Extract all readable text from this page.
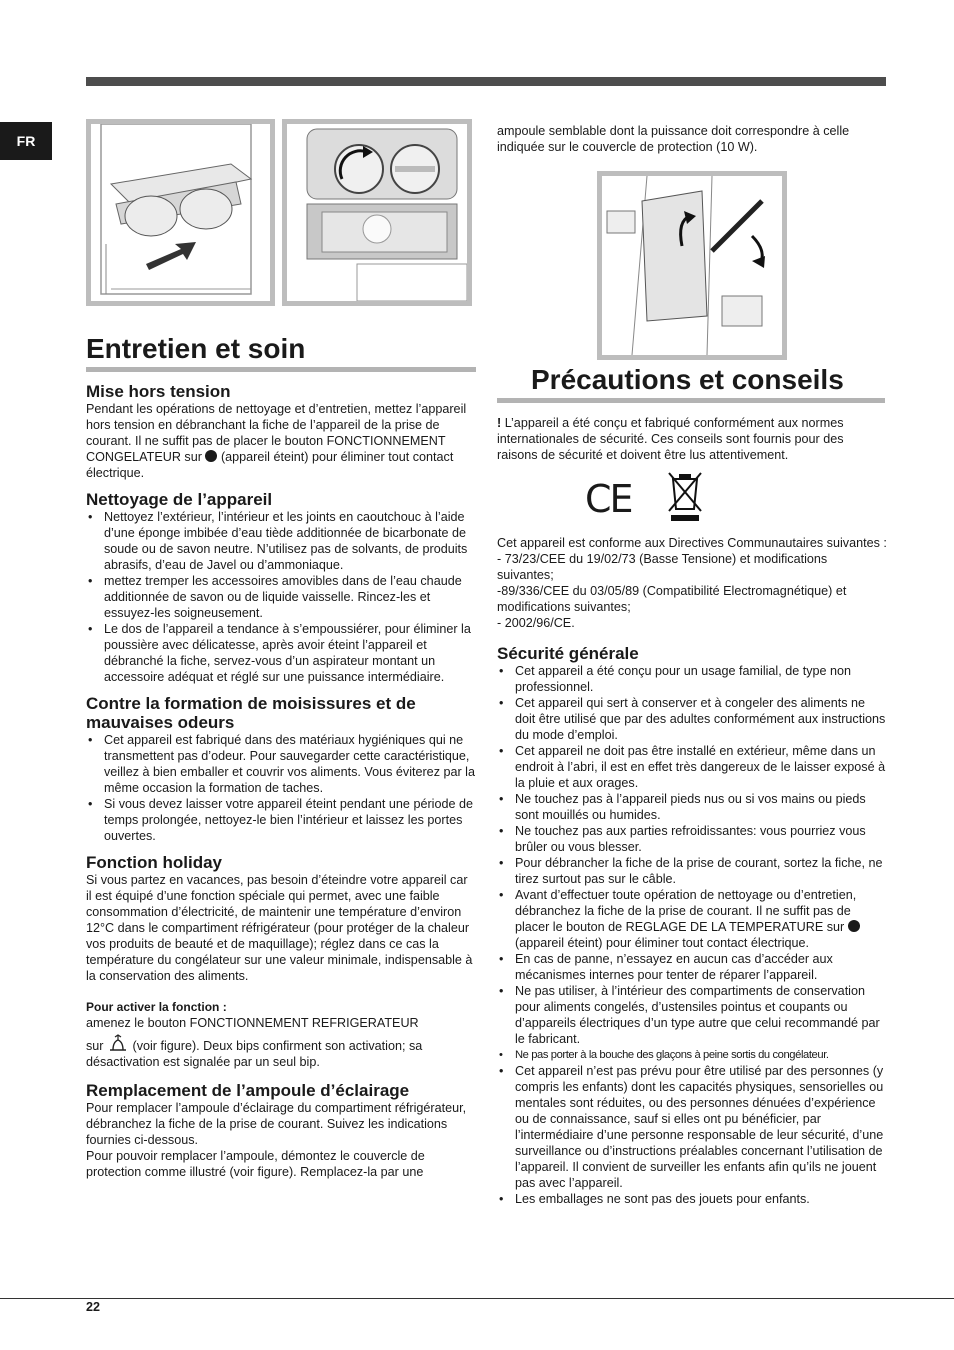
FR
Entretien et soin
Mise hors tension

Pendant les opérations de nettoyage et d’entretien, mettez l’appareil hors tension en débranchant la fiche de l’appareil de la prise de courant. Il ne suffit pas de placer le bouton FONCTIONNEMENT CONGELATEUR sur (appareil éteint) pour éliminer tout contact électrique.

Nettoyage de l’appareil
• Nettoyez l’extérieur, l’intérieur et les joints en caoutchouc à l’aide d’une éponge imbibée d’eau tiède additionnée de bicarbonate de soude ou de savon neutre. N’utilisez pas de solvants, de produits abrasifs, d’eau de Javel ou d’ammoniaque.
• mettez tremper les accessoires amovibles dans de l’eau chaude additionnée de savon ou de liquide vaisselle. Rincez-les et essuyez-les soigneusement.
• Le dos de l’appareil a tendance à s’empoussiérer, pour éliminer la poussière avec délicatesse, après avoir éteint l’appareil et débranché la fiche, servez-vous d’un aspirateur montant un accessoire adéquat et réglé sur une puissance intermédiaire.
Contre la formation de moisissures et de mauvaises odeurs
• Cet appareil est fabriqué dans des matériaux hygiéniques qui ne transmettent pas d’odeur. Pour sauvegarder cette caractéristique, veillez à bien emballer et couvrir vos aliments. Vous éviterez par la même occasion la formation de taches.
• Si vous devez laisser votre appareil éteint pendant une période de temps prolongée, nettoyez-le bien l’intérieur et laissez les portes ouvertes.
Fonction holiday

Si vous partez en vacances, pas besoin d’éteindre votre appareil car il est équipé d’une fonction spéciale qui permet, avec une faible consommation d’électricité, de maintenir une température d’environ 12°C dans le compartiment réfrigérateur (pour protéger de la chaleur vos produits de beauté et de maquillage); réglez dans ce cas la température du congélateur sur une valeur minimale, indispensable à la conservation des aliments.

Pour activer la fonction :

amenez le bouton FONCTIONNEMENT REFRIGERATEUR

sur (voir figure). Deux bips confirment son activation; sa désactivation est signalée par un seul bip.

Remplacement de l’ampoule d’éclairage

Pour remplacer l’ampoule d’éclairage du compartiment réfrigérateur, débranchez la fiche de la prise de courant. Suivez les indications fournies ci-dessous.

Pour pouvoir remplacer l’ampoule, démontez le couvercle de protection comme illustré (voir figure). Remplacez-la par une

ampoule semblable dont la puissance doit correspondre à celle indiquée sur le couvercle de protection (10 W).

Précautions et conseils

! L’appareil a été conçu et fabriqué conformément aux normes internationales de sécurité. Ces conseils sont fournis pour des raisons de sécurité et doivent être lus attentivement.

CE

Cet appareil est conforme aux Directives Communautaires suivantes :

- 73/23/CEE du 19/02/73 (Basse Tensione) et modifications suivantes;

-89/336/CEE du 03/05/89 (Compatibilité Electromagnétique) et modifications suivantes;

- 2002/96/CE.

Sécurité générale
• Cet appareil a été conçu pour un usage familial, de type non professionnel.
• Cet appareil qui sert à conserver et à congeler des aliments ne doit être utilisé que par des adultes conformément aux instructions du mode d’emploi.
• Cet appareil ne doit pas être installé en extérieur, même dans un endroit à l’abri, il est en effet très dangereux de le laisser exposé à la pluie et aux orages.
• Ne touchez pas à l’appareil pieds nus ou si vos mains ou pieds sont mouillés ou humides.
• Ne touchez pas aux parties refroidissantes: vous pourriez vous brûler ou vous blesser.
• Pour débrancher la fiche de la prise de courant, sortez la fiche, ne tirez surtout pas sur le câble.
• Avant d’effectuer toute opération de nettoyage ou d’entretien, débranchez la fiche de la prise de courant. Il ne suffit pas de placer le bouton de REGLAGE DE LA TEMPERATURE sur  (appareil éteint) pour éliminer tout contact électrique.
• En cas de panne, n’essayez en aucun cas d’accéder aux mécanismes internes pour tenter de réparer l’appareil.
• Ne pas utiliser, à l’intérieur des compartiments de conservation pour aliments congelés, d’ustensiles pointus et coupants ou d’appareils électriques d’un type autre que celui recommandé par le fabricant.
• Ne pas porter à la bouche des glaçons à peine sortis du congélateur.
• Cet appareil n’est pas prévu pour être utilisé par des personnes (y compris les enfants) dont les capacités physiques, sensorielles ou mentales sont réduites, ou des personnes dénuées d’expérience ou de connaissance, sauf si elles ont pu bénéficier, par l’intermédiaire d’une personne responsable de leur sécurité, d’une surveillance ou d’instructions préalables concernant l’utilisation de l’appareil. Il convient de surveiller les enfants afin qu’ils ne jouent pas avec l’appareil.
• Les emballages ne sont pas des jouets pour enfants.
22
